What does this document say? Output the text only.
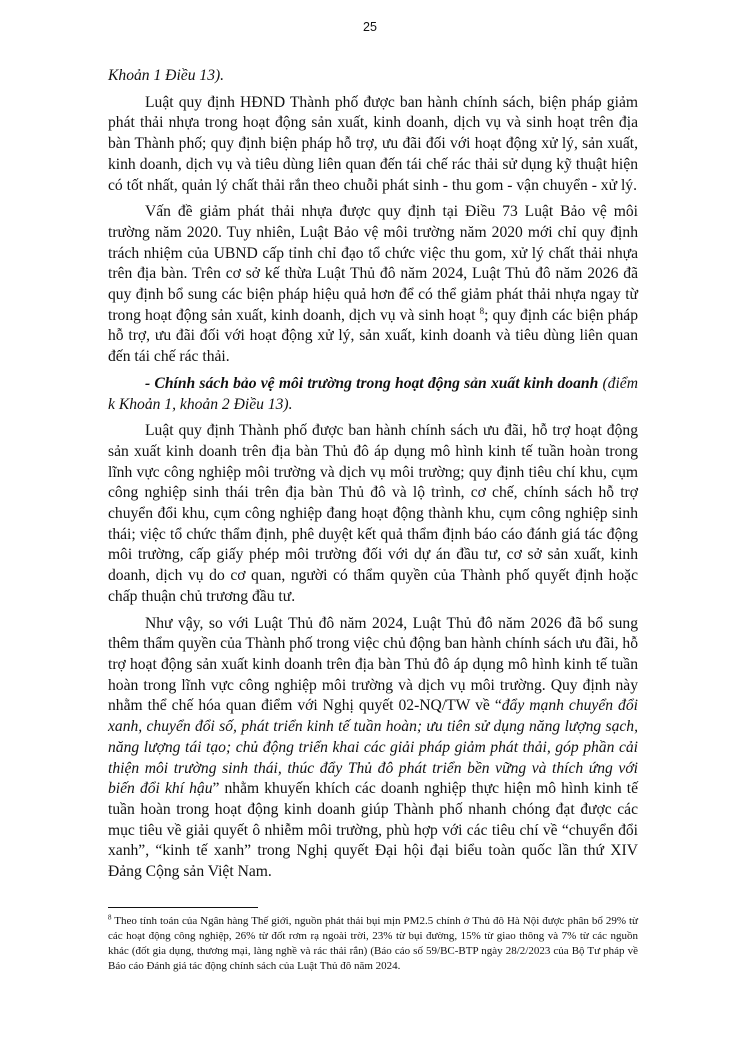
25

Khoản 1 Điều 13).

Luật quy định HĐND Thành phố được ban hành chính sách, biện pháp giảm phát thải nhựa trong hoạt động sản xuất, kinh doanh, dịch vụ và sinh hoạt trên địa bàn Thành phố; quy định biện pháp hỗ trợ, ưu đãi đối với hoạt động xử lý, sản xuất, kinh doanh, dịch vụ và tiêu dùng liên quan đến tái chế rác thải sử dụng kỹ thuật hiện có tốt nhất, quản lý chất thải rắn theo chuỗi phát sinh - thu gom - vận chuyển - xử lý.

Vấn đề giảm phát thải nhựa được quy định tại Điều 73 Luật Bảo vệ môi trường năm 2020. Tuy nhiên, Luật Bảo vệ môi trường năm 2020 mới chỉ quy định trách nhiệm của UBND cấp tỉnh chỉ đạo tổ chức việc thu gom, xử lý chất thải nhựa trên địa bàn. Trên cơ sở kế thừa Luật Thủ đô năm 2024, Luật Thủ đô năm 2026 đã quy định bổ sung các biện pháp hiệu quả hơn để có thể giảm phát thải nhựa ngay từ trong hoạt động sản xuất, kinh doanh, dịch vụ và sinh hoạt $^8$; quy định các biện pháp hỗ trợ, ưu đãi đối với hoạt động xử lý, sản xuất, kinh doanh và tiêu dùng liên quan đến tái chế rác thải.

- Chính sách bảo vệ môi trường trong hoạt động sản xuất kinh doanh (điểm k Khoản 1, khoản 2 Điều 13).

Luật quy định Thành phố được ban hành chính sách ưu đãi, hỗ trợ hoạt động sản xuất kinh doanh trên địa bàn Thủ đô áp dụng mô hình kinh tế tuần hoàn trong lĩnh vực công nghiệp môi trường và dịch vụ môi trường; quy định tiêu chí khu, cụm công nghiệp sinh thái trên địa bàn Thủ đô và lộ trình, cơ chế, chính sách hỗ trợ chuyển đổi khu, cụm công nghiệp đang hoạt động thành khu, cụm công nghiệp sinh thái; việc tổ chức thẩm định, phê duyệt kết quả thẩm định báo cáo đánh giá tác động môi trường, cấp giấy phép môi trường đối với dự án đầu tư, cơ sở sản xuất, kinh doanh, dịch vụ do cơ quan, người có thẩm quyền của Thành phố quyết định hoặc chấp thuận chủ trương đầu tư.

Như vậy, so với Luật Thủ đô năm 2024, Luật Thủ đô năm 2026 đã bổ sung thêm thẩm quyền của Thành phố trong việc chủ động ban hành chính sách ưu đãi, hỗ trợ hoạt động sản xuất kinh doanh trên địa bàn Thủ đô áp dụng mô hình kinh tế tuần hoàn trong lĩnh vực công nghiệp môi trường và dịch vụ môi trường. Quy định này nhằm thể chế hóa quan điểm với Nghị quyết 02-NQ/TW về “đẩy mạnh chuyển đổi xanh, chuyển đổi số, phát triển kinh tế tuần hoàn; ưu tiên sử dụng năng lượng sạch, năng lượng tái tạo; chủ động triển khai các giải pháp giảm phát thải, góp phần cải thiện môi trường sinh thái, thúc đẩy Thủ đô phát triển bền vững và thích ứng với biến đổi khí hậu” nhằm khuyến khích các doanh nghiệp thực hiện mô hình kinh tế tuần hoàn trong hoạt động kinh doanh giúp Thành phố nhanh chóng đạt được các mục tiêu về giải quyết ô nhiễm môi trường, phù hợp với các tiêu chí về “chuyển đổi xanh”, “kinh tế xanh” trong Nghị quyết Đại hội đại biểu toàn quốc lần thứ XIV Đảng Cộng sản Việt Nam.

$^8$ Theo tính toán của Ngân hàng Thế giới, nguồn phát thải bụi mịn PM2.5 chính ở Thủ đô Hà Nội được phân bổ 29% từ các hoạt động công nghiệp, 26% từ đốt rơm rạ ngoài trời, 23% từ bụi đường, 15% từ giao thông và 7% từ các nguồn khác (đốt gia dụng, thương mại, làng nghề và rác thải rắn) (Báo cáo số 59/BC-BTP ngày 28/2/2023 của Bộ Tư pháp về Báo cáo Đánh giá tác động chính sách của Luật Thủ đô năm 2024.
